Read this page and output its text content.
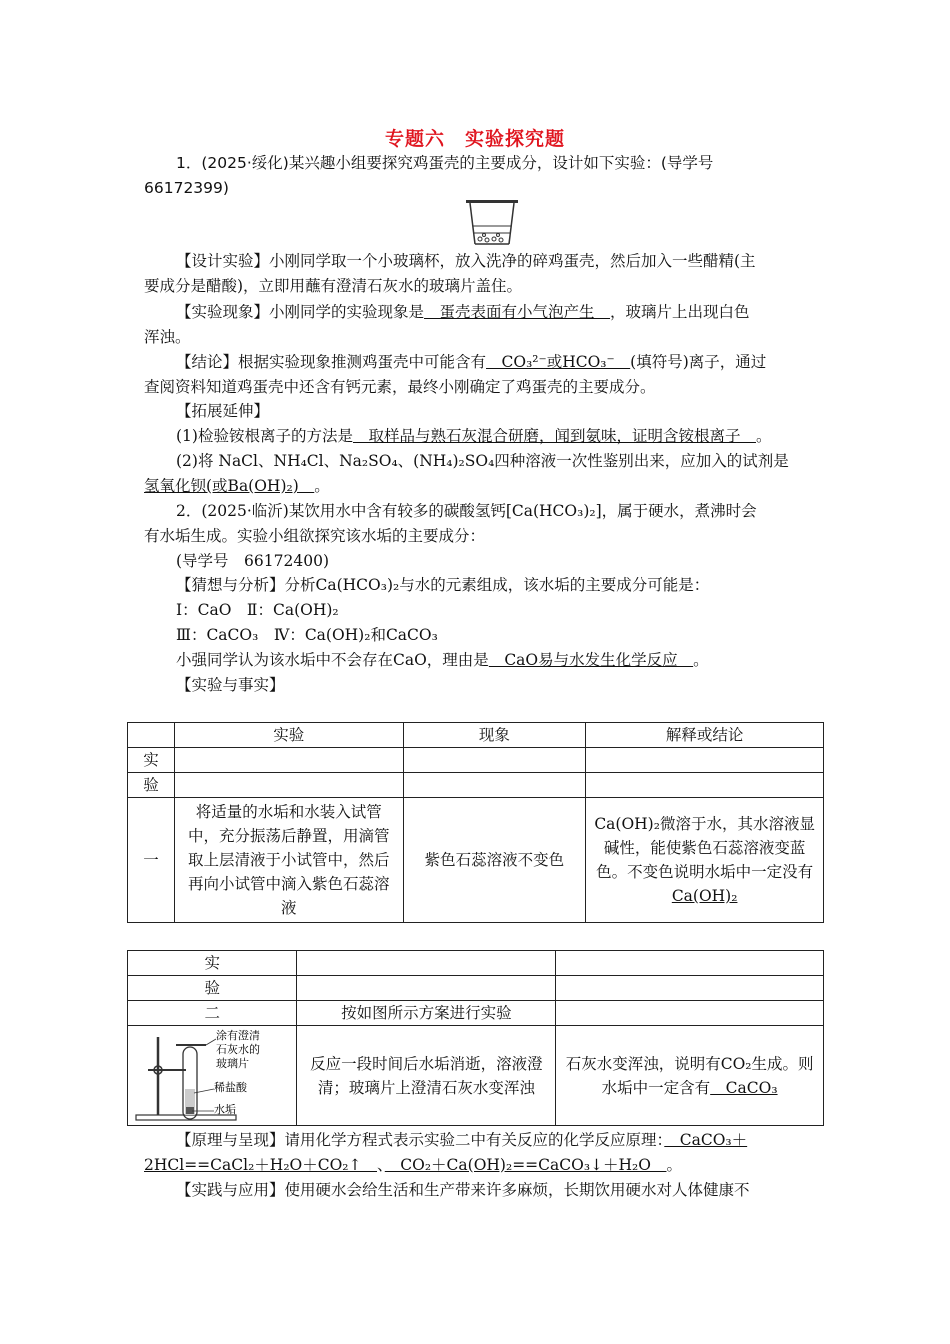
专题六　实验探究题
1．(2025·绥化)某兴趣小组要探究鸡蛋壳的主要成分，设计如下实验：(导学号
66172399)
【设计实验】小刚同学取一个小玻璃杯，放入洗净的碎鸡蛋壳，然后加入一些醋精(主
要成分是醋酸)，立即用蘸有澄清石灰水的玻璃片盖住。
【实验现象】小刚同学的实验现象是　蛋壳表面有小气泡产生　，玻璃片上出现白色
浑浊。
【结论】根据实验现象推测鸡蛋壳中可能含有　CO₃²⁻或HCO₃⁻　(填符号)离子，通过
查阅资料知道鸡蛋壳中还含有钙元素，最终小刚确定了鸡蛋壳的主要成分。
【拓展延伸】
(1)检验铵根离子的方法是　取样品与熟石灰混合研磨，闻到氨味，证明含铵根离子　。
(2)将 NaCl、NH₄Cl、Na₂SO₄、(NH₄)₂SO₄四种溶液一次性鉴别出来，应加入的试剂是
氢氧化钡(或Ba(OH)₂)　。
2．(2025·临沂)某饮用水中含有较多的碳酸氢钙[Ca(HCO₃)₂]，属于硬水，煮沸时会
有水垢生成。实验小组欲探究该水垢的主要成分：
(导学号　66172400)
【猜想与分析】分析Ca(HCO₃)₂与水的元素组成，该水垢的主要成分可能是：
Ⅰ：CaO　Ⅱ：Ca(OH)₂
Ⅲ：CaCO₃　Ⅳ：Ca(OH)₂和CaCO₃
小强同学认为该水垢中不会存在CaO，理由是　CaO易与水发生化学反应　。
【实验与事实】
	实验	现象	解释或结论
实			
验			
一	将适量的水垢和水装入试管中，充分振荡后静置，用滴管取上层清液于小试管中，然后再向小试管中滴入紫色石蕊溶液	紫色石蕊溶液不变色	Ca(OH)₂微溶于水，其水溶液显碱性，能使紫色石蕊溶液变蓝色。不变色说明水垢中一定没有Ca(OH)₂
实		
验		
二	按如图所示方案进行实验	

涂有澄清
石灰水的
玻璃片
稀盐酸
水垢	反应一段时间后水垢消逝，溶液澄清；玻璃片上澄清石灰水变浑浊	石灰水变浑浊，说明有CO₂生成。则水垢中一定含有　CaCO₃
【原理与呈现】请用化学方程式表示实验二中有关反应的化学反应原理：　CaCO₃＋
2HCl==CaCl₂＋H₂O＋CO₂↑　、　CO₂＋Ca(OH)₂==CaCO₃↓＋H₂O　。
【实践与应用】使用硬水会给生活和生产带来许多麻烦，长期饮用硬水对人体健康不
